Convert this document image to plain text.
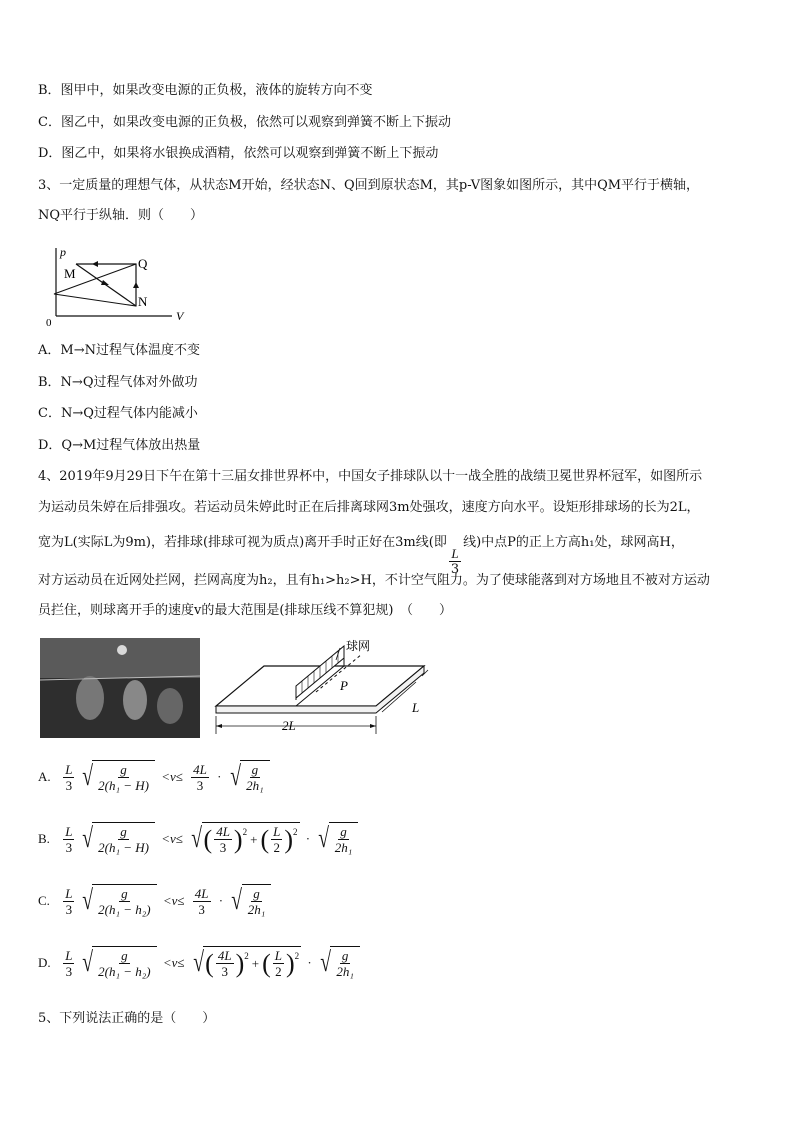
B．图甲中，如果改变电源的正负极，液体的旋转方向不变
C．图乙中，如果改变电源的正负极，依然可以观察到弹簧不断上下振动
D．图乙中，如果将水银换成酒精，依然可以观察到弹簧不断上下振动
3、一定质量的理想气体，从状态M开始，经状态N、Q回到原状态M，其p-V图象如图所示，其中QM平行于横轴，
NQ平行于纵轴．则（　　）
p
V
0
M
Q
N
A．M→N过程气体温度不变
B．N→Q过程气体对外做功
C．N→Q过程气体内能减小
D．Q→M过程气体放出热量
4、2019年9月29日下午在第十三届女排世界杯中，中国女子排球队以十一战全胜的战绩卫冕世界杯冠军，如图所示
为运动员朱婷在后排强攻。若运动员朱婷此时正在后排离球网3m处强攻，速度方向水平。设矩形排球场的长为2L，
宽为L(实际L为9m)，若排球(排球可视为质点)离开手时正好在3m线(即
$\frac{L}{3}$
线)中点P的正上方高h₁处，球网高H，
对方运动员在近网处拦网，拦网高度为h₂，且有h₁>h₂>H，不计空气阻力。为了使球能落到对方场地且不被对方运动
员拦住，则球离开手的速度v的最大范围是(排球压线不算犯规)　（　　）
球网
P
2L
L
A. $\frac{L}{3}$
√ $\frac{g}{\text{2(h₁ − H)}} <v\le \frac{4L}{3}$ · √ $\frac{g}{\text{2h₁}}$
B. $\frac{L}{3}$
√ $\frac{g}{\text{2(h₁ − H)}} <v\le$ √ ( $\frac{4L}{3}$ ) 2 + ( $\frac{L}{2}$ ) 2 · √ $\frac{g}{\text{2h₁}}$
C. $\frac{L}{3}$
√ $\frac{g}{\text{2(h₁ − h₂)}} <v\le \frac{4L}{3}$ · √ $\frac{g}{\text{2h₁}}$
D. $\frac{L}{3}$
√ $\frac{g}{\text{2(h₁ − h₂)}} <v\le$ √ ( $\frac{4L}{3}$ ) 2 + ( $\frac{L}{2}$ ) 2 · √ $\frac{g}{\text{2h₁}}$
5、下列说法正确的是（　　）
